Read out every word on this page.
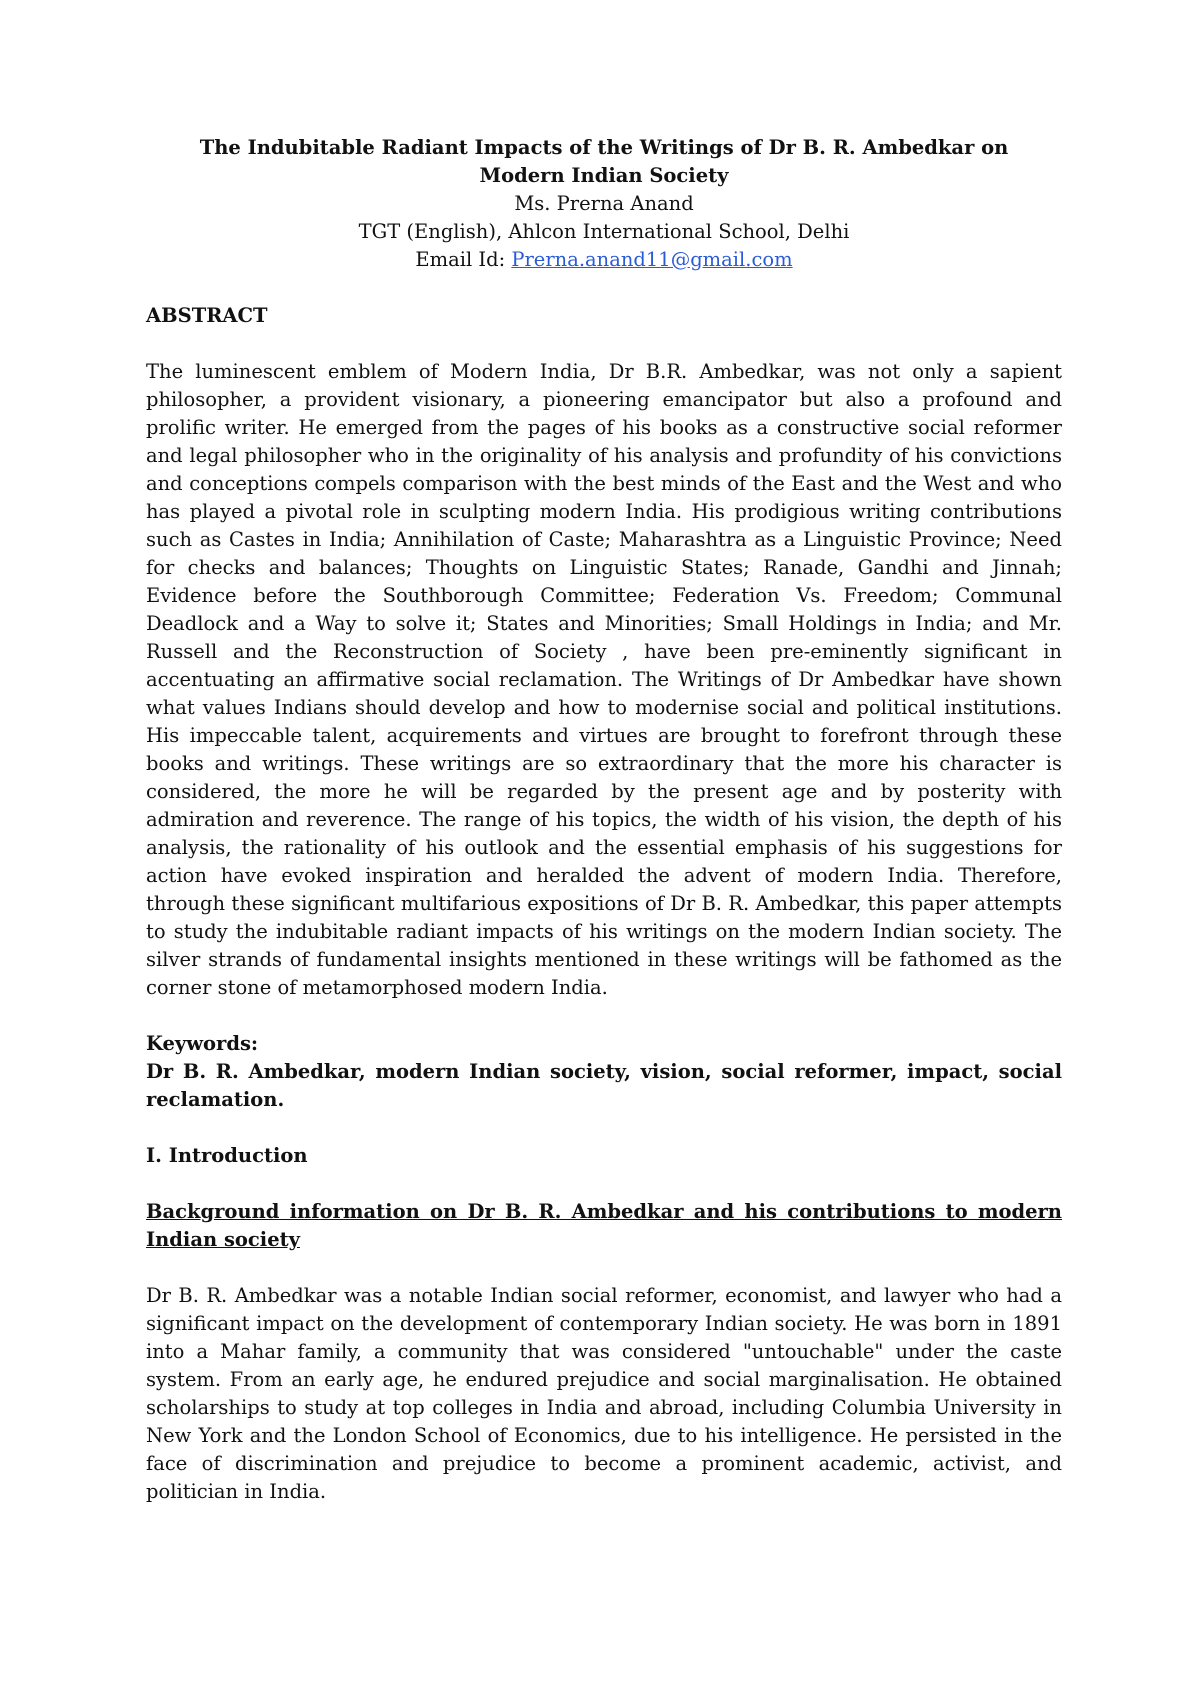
The Indubitable Radiant Impacts of the Writings of Dr B. R. Ambedkar on Modern Indian Society

Ms. Prerna Anand
TGT (English), Ahlcon International School, Delhi
Email Id: Prerna.anand11@gmail.com

ABSTRACT

The luminescent emblem of Modern India, Dr B.R. Ambedkar, was not only a sapient philosopher, a provident visionary, a pioneering emancipator but also a profound and prolific writer. He emerged from the pages of his books as a constructive social reformer and legal philosopher who in the originality of his analysis and profundity of his convictions and conceptions compels comparison with the best minds of the East and the West and who has played a pivotal role in sculpting modern India. His prodigious writing contributions such as Castes in India; Annihilation of Caste; Maharashtra as a Linguistic Province; Need for checks and balances; Thoughts on Linguistic States; Ranade, Gandhi and Jinnah; Evidence before the Southborough Committee; Federation Vs. Freedom; Communal Deadlock and a Way to solve it; States and Minorities; Small Holdings in India; and Mr. Russell and the Reconstruction of Society , have been pre-eminently significant in accentuating an affirmative social reclamation. The Writings of Dr Ambedkar have shown what values Indians should develop and how to modernise social and political institutions. His impeccable talent, acquirements and virtues are brought to forefront through these books and writings. These writings are so extraordinary that the more his character is considered, the more he will be regarded by the present age and by posterity with admiration and reverence. The range of his topics, the width of his vision, the depth of his analysis, the rationality of his outlook and the essential emphasis of his suggestions for action have evoked inspiration and heralded the advent of modern India. Therefore, through these significant multifarious expositions of Dr B. R. Ambedkar, this paper attempts to study the indubitable radiant impacts of his writings on the modern Indian society. The silver strands of fundamental insights mentioned in these writings will be fathomed as the corner stone of metamorphosed modern India.

Keywords:

Dr B. R. Ambedkar, modern Indian society, vision, social reformer, impact, social reclamation.

I. Introduction

Background information on Dr B. R. Ambedkar and his contributions to modern Indian society

Dr B. R. Ambedkar was a notable Indian social reformer, economist, and lawyer who had a significant impact on the development of contemporary Indian society. He was born in 1891 into a Mahar family, a community that was considered "untouchable" under the caste system. From an early age, he endured prejudice and social marginalisation. He obtained scholarships to study at top colleges in India and abroad, including Columbia University in New York and the London School of Economics, due to his intelligence. He persisted in the face of discrimination and prejudice to become a prominent academic, activist, and politician in India.
